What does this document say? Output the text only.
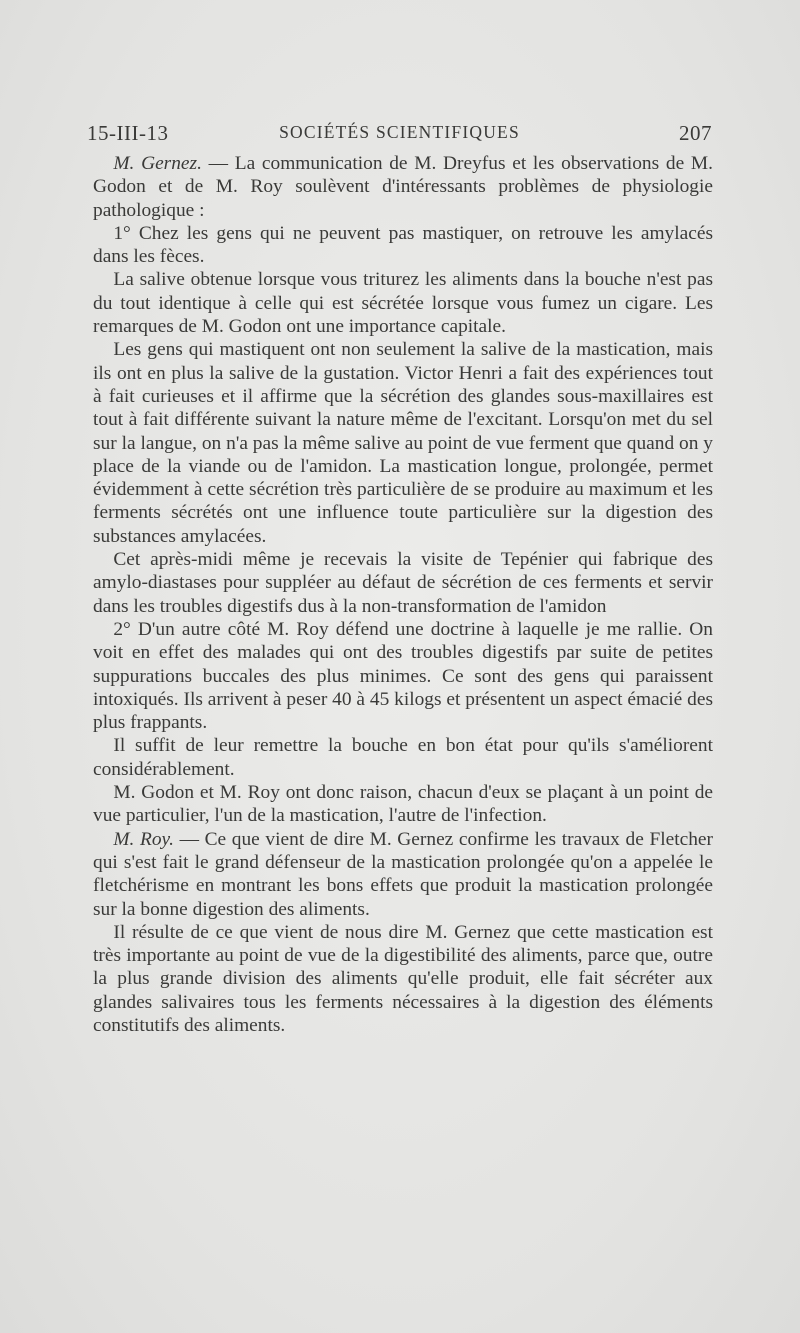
15-III-13	SOCIÉTÉS SCIENTIFIQUES	207

M. Gernez. — La communication de M. Dreyfus et les observations de M. Godon et de M. Roy soulèvent d'intéressants problèmes de physiologie pathologique :

1° Chez les gens qui ne peuvent pas mastiquer, on retrouve les amylacés dans les fèces.

La salive obtenue lorsque vous triturez les aliments dans la bouche n'est pas du tout identique à celle qui est sécrétée lorsque vous fumez un cigare. Les remarques de M. Godon ont une importance capitale.

Les gens qui mastiquent ont non seulement la salive de la mastication, mais ils ont en plus la salive de la gustation. Victor Henri a fait des expériences tout à fait curieuses et il affirme que la sécrétion des glandes sous-maxillaires est tout à fait différente suivant la nature même de l'excitant. Lorsqu'on met du sel sur la langue, on n'a pas la même salive au point de vue ferment que quand on y place de la viande ou de l'amidon. La mastication longue, prolongée, permet évidemment à cette sécrétion très particulière de se produire au maximum et les ferments sécrétés ont une influence toute particulière sur la digestion des substances amylacées.

Cet après-midi même je recevais la visite de Tepénier qui fabrique des amylo-diastases pour suppléer au défaut de sécrétion de ces ferments et servir dans les troubles digestifs dus à la non-transformation de l'amidon

2° D'un autre côté M. Roy défend une doctrine à laquelle je me rallie. On voit en effet des malades qui ont des troubles digestifs par suite de petites suppurations buccales des plus minimes. Ce sont des gens qui paraissent intoxiqués. Ils arrivent à peser 40 à 45 kilogs et présentent un aspect émacié des plus frappants.

Il suffit de leur remettre la bouche en bon état pour qu'ils s'améliorent considérablement.

M. Godon et M. Roy ont donc raison, chacun d'eux se plaçant à un point de vue particulier, l'un de la mastication, l'autre de l'infection.

M. Roy. — Ce que vient de dire M. Gernez confirme les travaux de Fletcher qui s'est fait le grand défenseur de la mastication prolongée qu'on a appelée le fletchérisme en montrant les bons effets que produit la mastication prolongée sur la bonne digestion des aliments.

Il résulte de ce que vient de nous dire M. Gernez que cette mastication est très importante au point de vue de la digestibilité des aliments, parce que, outre la plus grande division des aliments qu'elle produit, elle fait sécréter aux glandes salivaires tous les ferments nécessaires à la digestion des éléments constitutifs des aliments.
